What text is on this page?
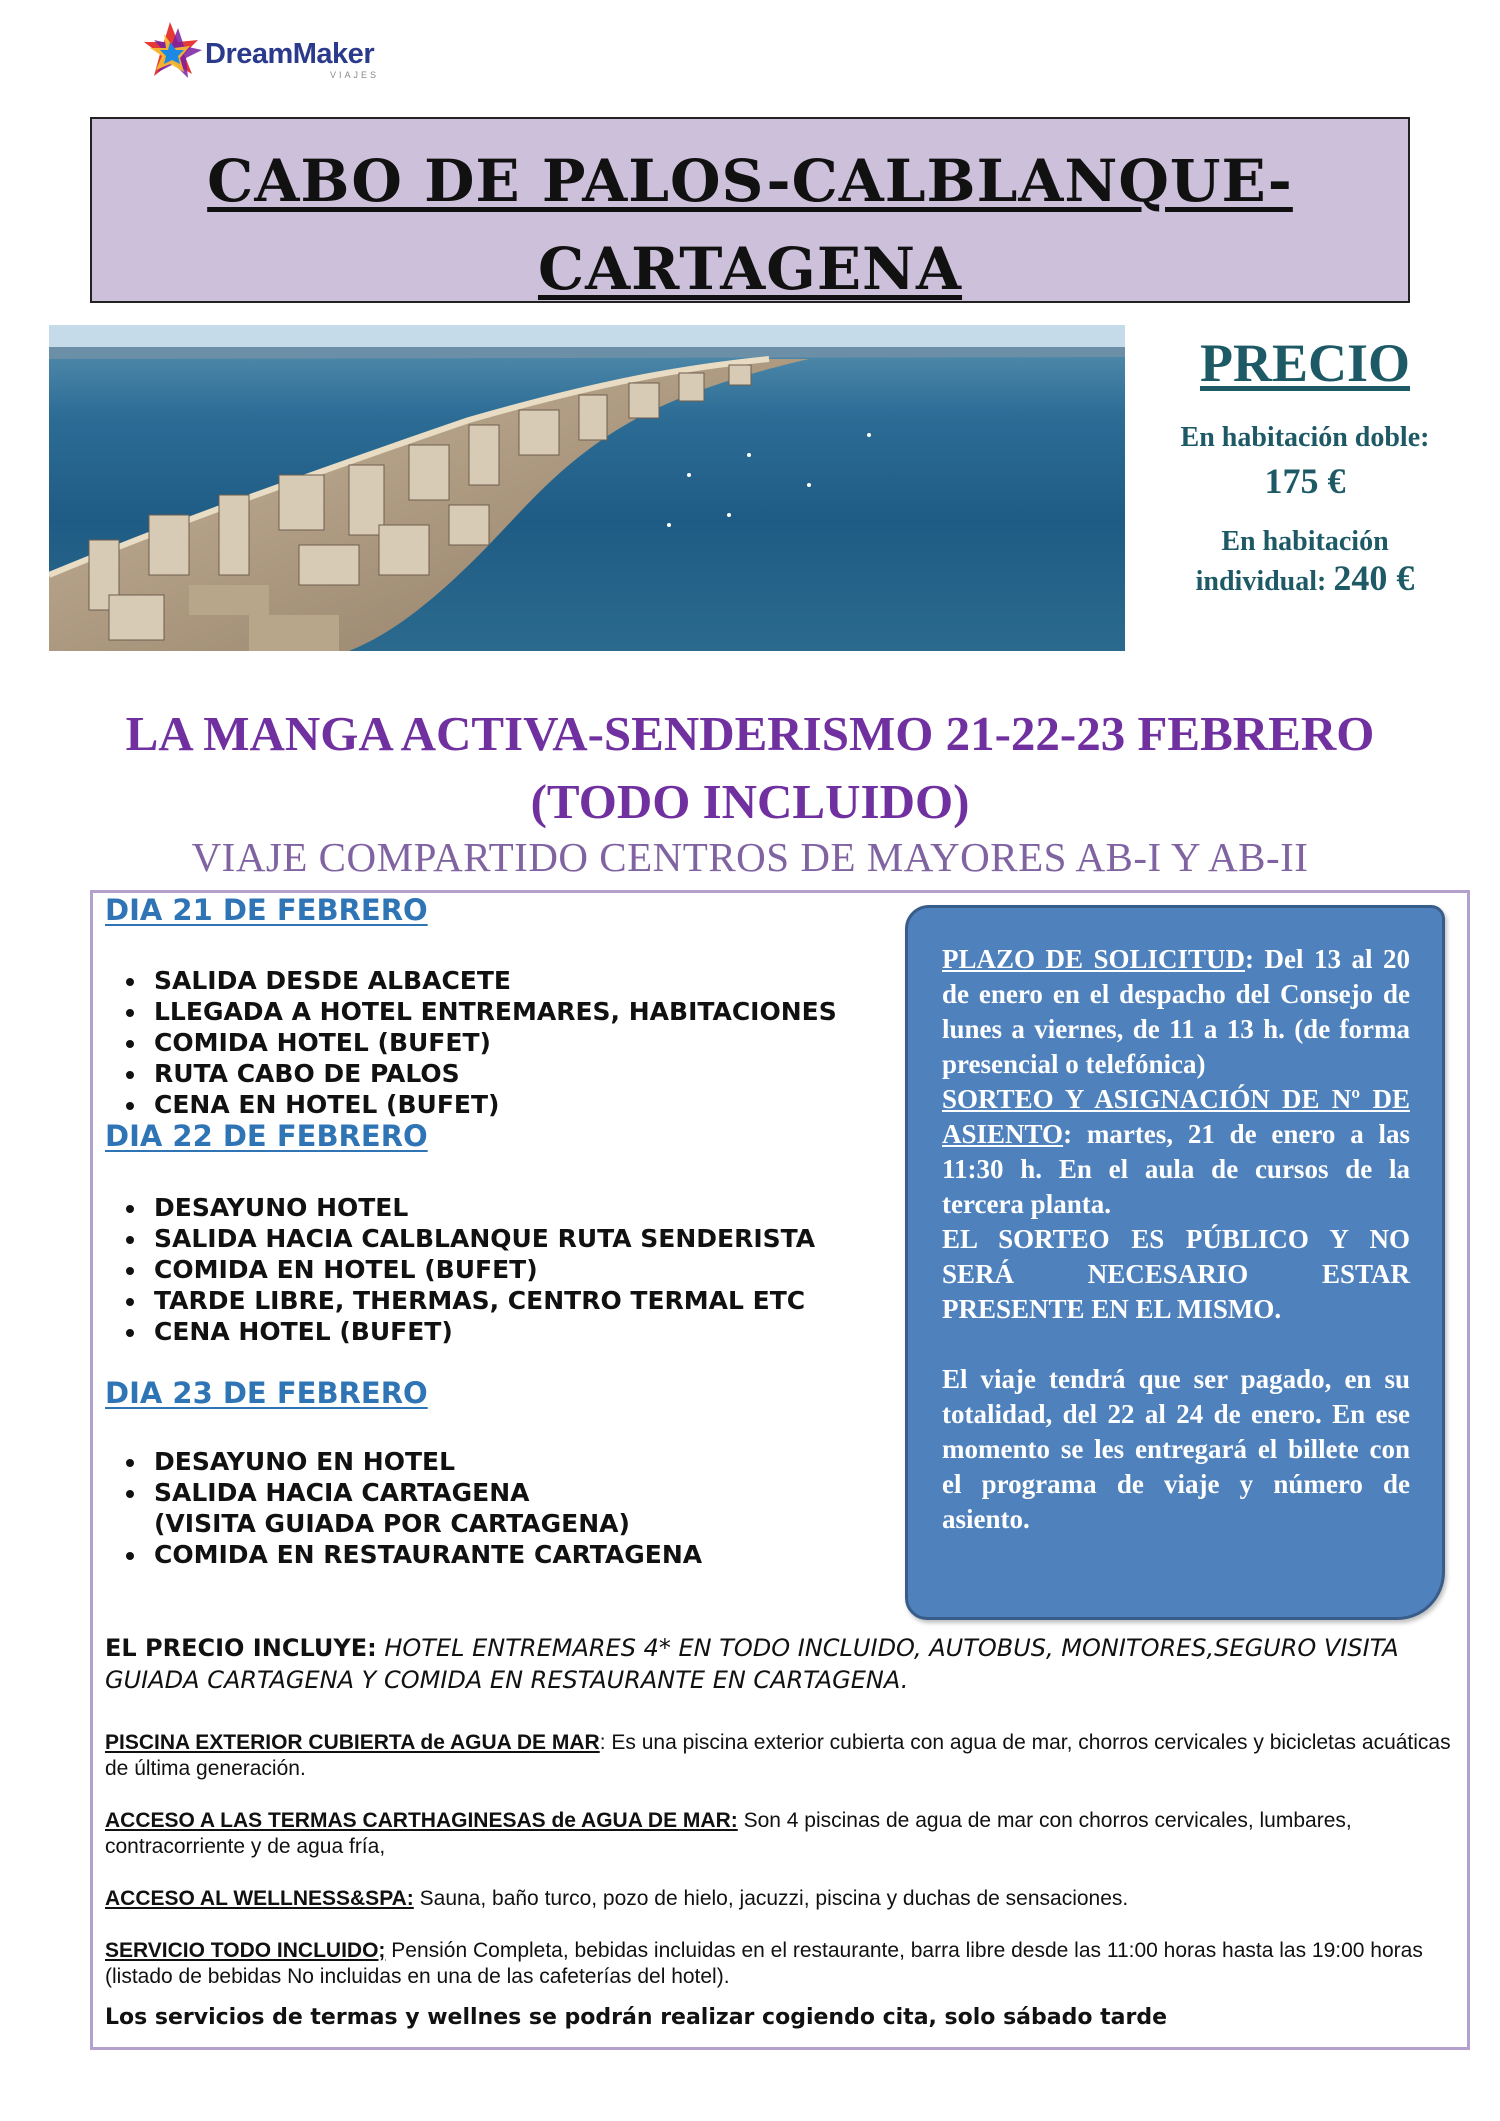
DreamMaker
VIAJES
CABO DE PALOS-CALBLANQUE-CARTAGENA
PRECIO
En habitación doble:
175 €
En habitación
individual: 240 €
LA MANGA ACTIVA-SENDERISMO 21-22-23 FEBRERO
(TODO INCLUIDO)
VIAJE COMPARTIDO CENTROS DE MAYORES AB-I Y AB-II
DIA 21 DE FEBRERO
• SALIDA DESDE ALBACETE
• LLEGADA A HOTEL ENTREMARES, HABITACIONES
• COMIDA HOTEL (BUFET)
• RUTA CABO DE PALOS
• CENA EN HOTEL (BUFET)
DIA 22 DE FEBRERO
• DESAYUNO HOTEL
• SALIDA HACIA CALBLANQUE RUTA SENDERISTA
• COMIDA EN HOTEL (BUFET)
• TARDE LIBRE, THERMAS, CENTRO TERMAL ETC
• CENA HOTEL (BUFET)
DIA 23 DE FEBRERO
• DESAYUNO EN HOTEL
• SALIDA HACIA CARTAGENA
(VISITA GUIADA POR CARTAGENA)
• COMIDA EN RESTAURANTE CARTAGENA
PLAZO DE SOLICITUD: Del 13 al 20 de enero en el despacho del Consejo de lunes a viernes, de 11 a 13 h. (de forma presencial o telefónica)
SORTEO Y ASIGNACIÓN DE Nº DE ASIENTO: martes, 21 de enero a las 11:30 h. En el aula de cursos de la tercera planta.
EL SORTEO ES PÚBLICO Y NO SERÁ NECESARIO ESTAR PRESENTE EN EL MISMO.

El viaje tendrá que ser pagado, en su totalidad, del 22 al 24 de enero. En ese momento se les entregará el billete con el programa de viaje y número de asiento.
EL PRECIO INCLUYE: HOTEL ENTREMARES 4* EN TODO INCLUIDO, AUTOBUS, MONITORES,SEGURO VISITA GUIADA CARTAGENA Y COMIDA EN RESTAURANTE EN CARTAGENA.
PISCINA EXTERIOR CUBIERTA de AGUA DE MAR: Es una piscina exterior cubierta con agua de mar, chorros cervicales y bicicletas acuáticas de última generación.
ACCESO A LAS TERMAS CARTHAGINESAS de AGUA DE MAR: Son 4 piscinas de agua de mar con chorros cervicales, lumbares, contracorriente y de agua fría,
ACCESO AL WELLNESS&SPA: Sauna, baño turco, pozo de hielo, jacuzzi, piscina y duchas de sensaciones.
SERVICIO TODO INCLUIDO; Pensión Completa, bebidas incluidas en el restaurante, barra libre desde las 11:00 horas hasta las 19:00 horas (listado de bebidas No incluidas en una de las cafeterías del hotel).
Los servicios de termas y wellnes se podrán realizar cogiendo cita, solo sábado tarde
